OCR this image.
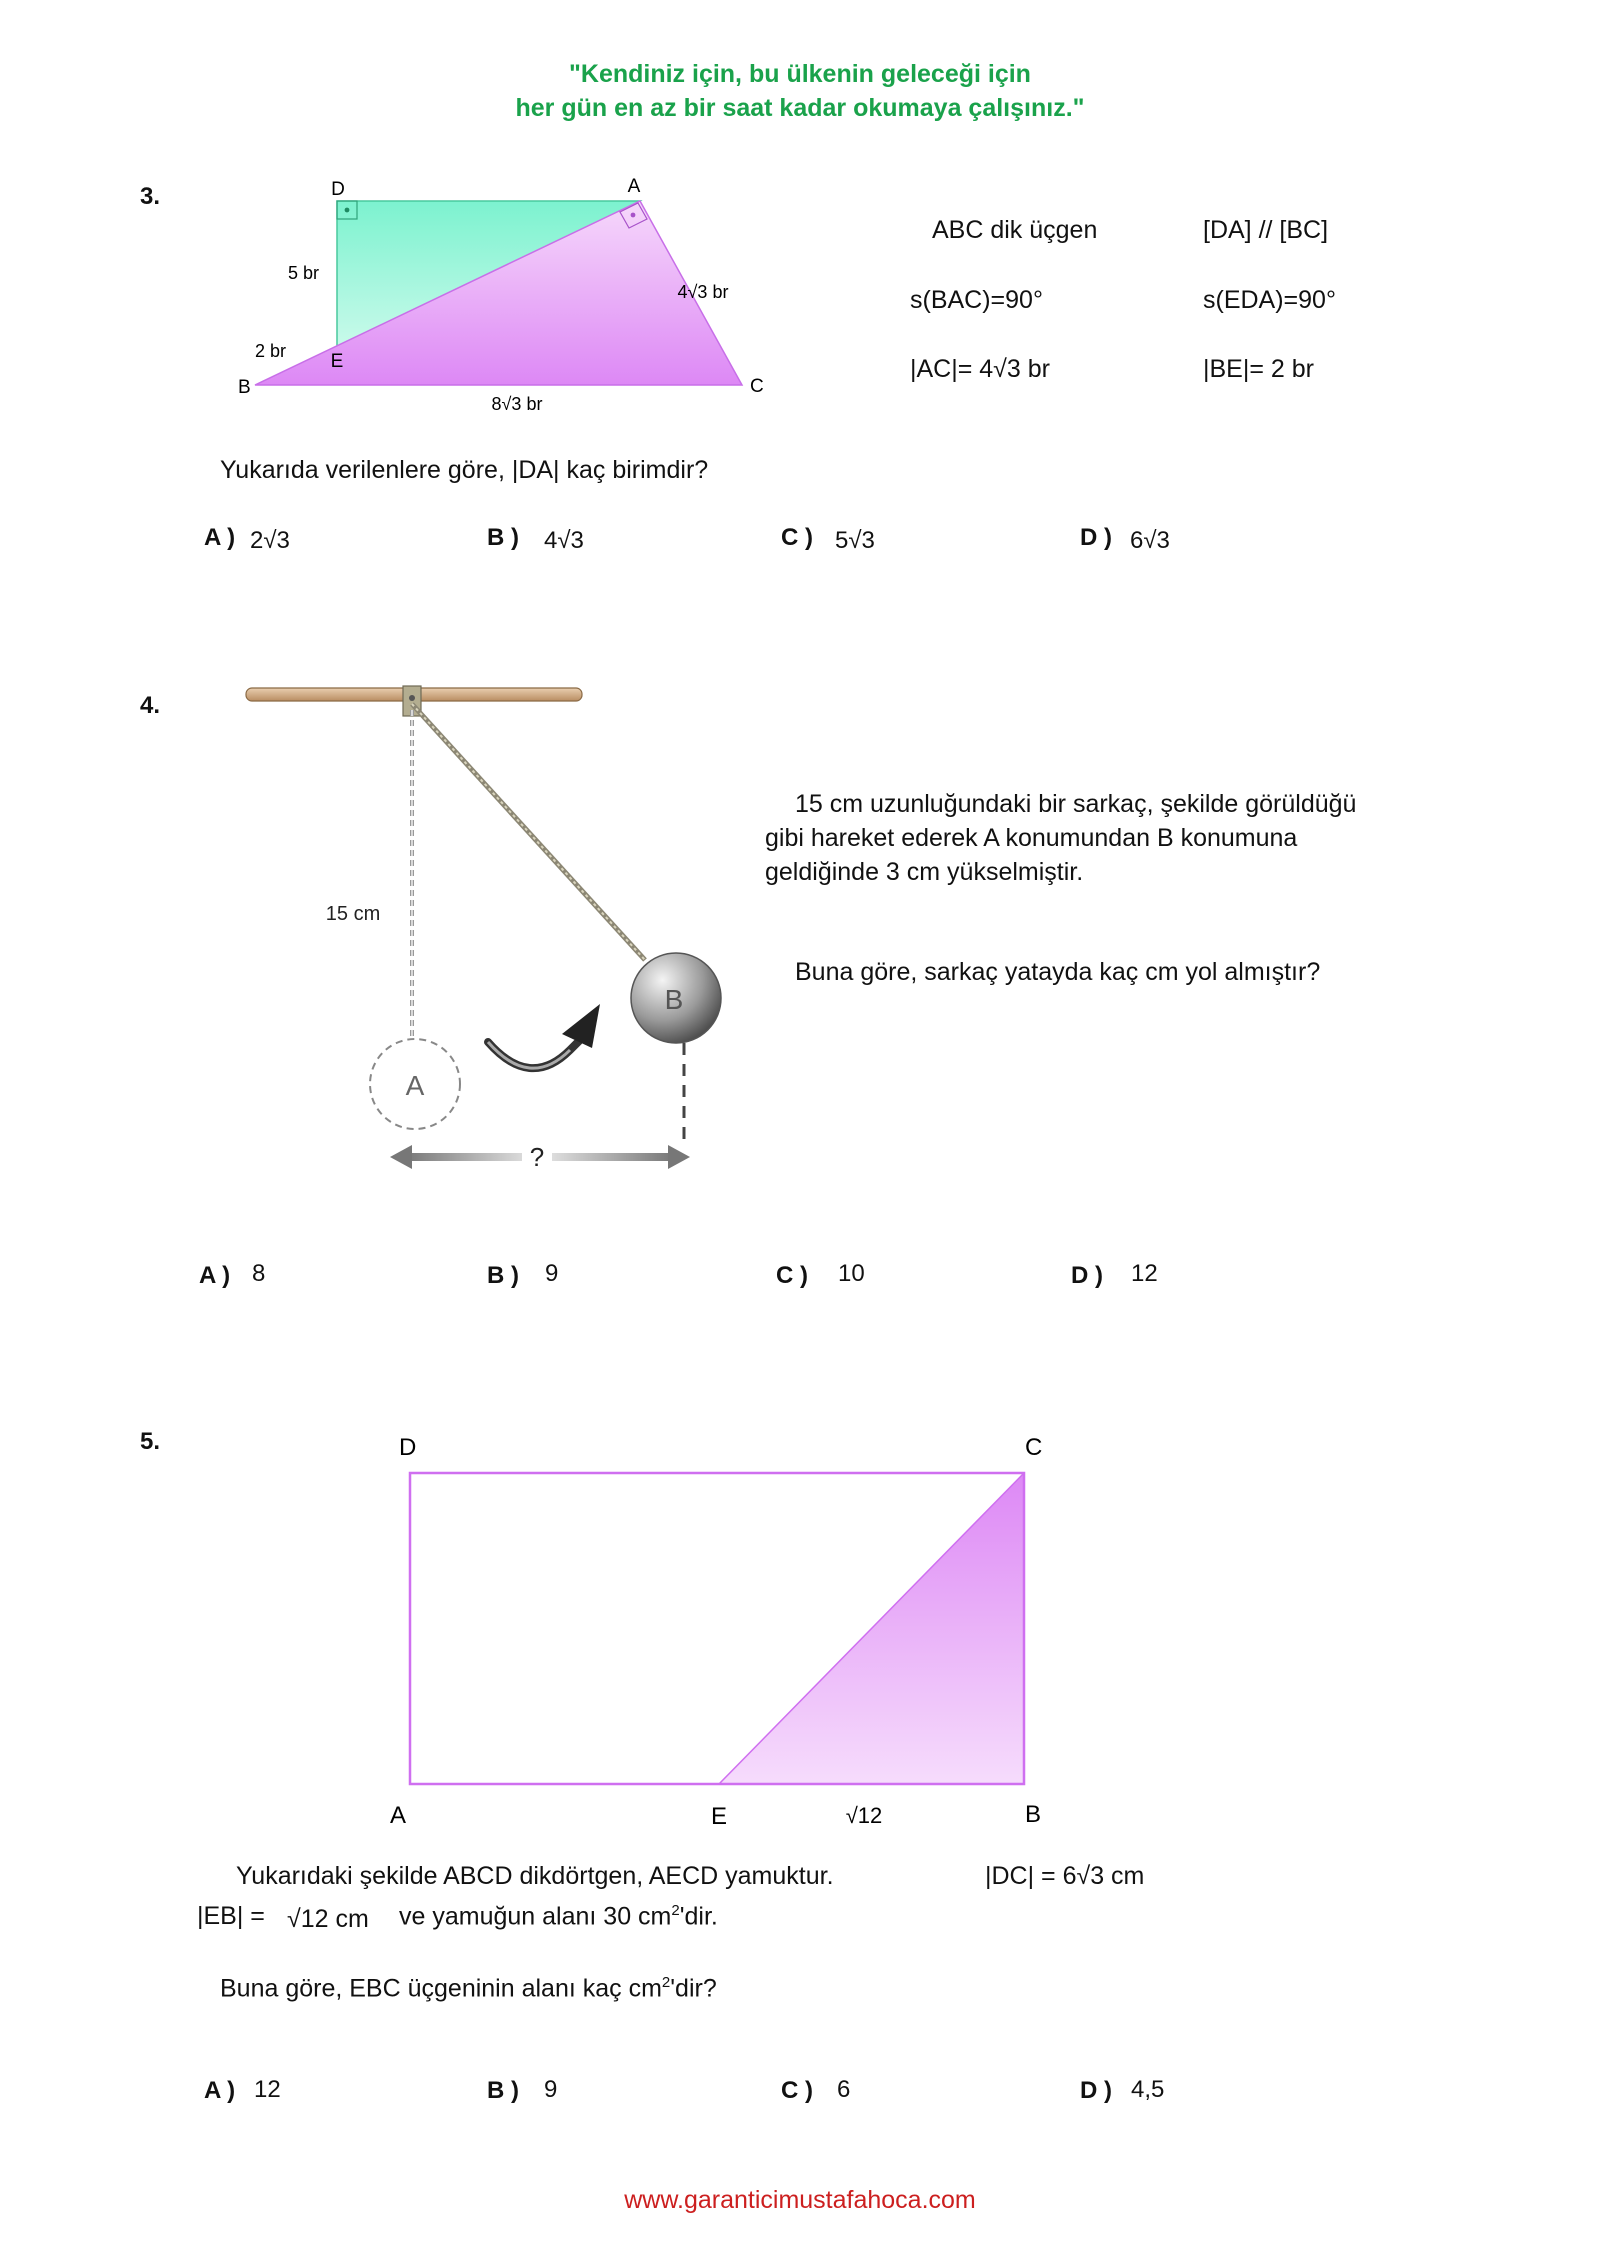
"Kendiniz için, bu ülkenin geleceği için
her gün en az bir saat kadar okumaya çalışınız."
3.	D	A
B	C
E
5 br
2 br
4√3 br
8√3 br
ABC dik üçgen	[DA] // [BC]
s(BAC)=90°	s(EDA)=90°
|AC|= 4√3 br	|BE|= 2 br
Yukarıda verilenlere göre, |DA| kaç birimdir?
A ) 2√3	B ) 4√3	C ) 5√3	D ) 6√3
4.
A
B
15 cm
?
15 cm uzunluğundaki bir sarkaç, şekilde görüldüğü
gibi hareket ederek A konumundan B konumuna
geldiğinde 3 cm yükselmiştir.
Buna göre, sarkaç yatayda kaç cm yol almıştır?
A ) 8	B ) 9	C ) 10	D ) 12
5.	D	C
A	E	B
√12
Yukarıdaki şekilde ABCD dikdörtgen, AECD yamuktur.	|DC| = 6√3 cm
|EB| = √12 cm ve yamuğun alanı 30 $cm^2'dir$.
Buna göre, EBC üçgeninin alanı kaç $cm^2'dir$?
A ) 12	B ) 9	C ) 6	D ) 4,5
www.garanticimustafahoca.com
